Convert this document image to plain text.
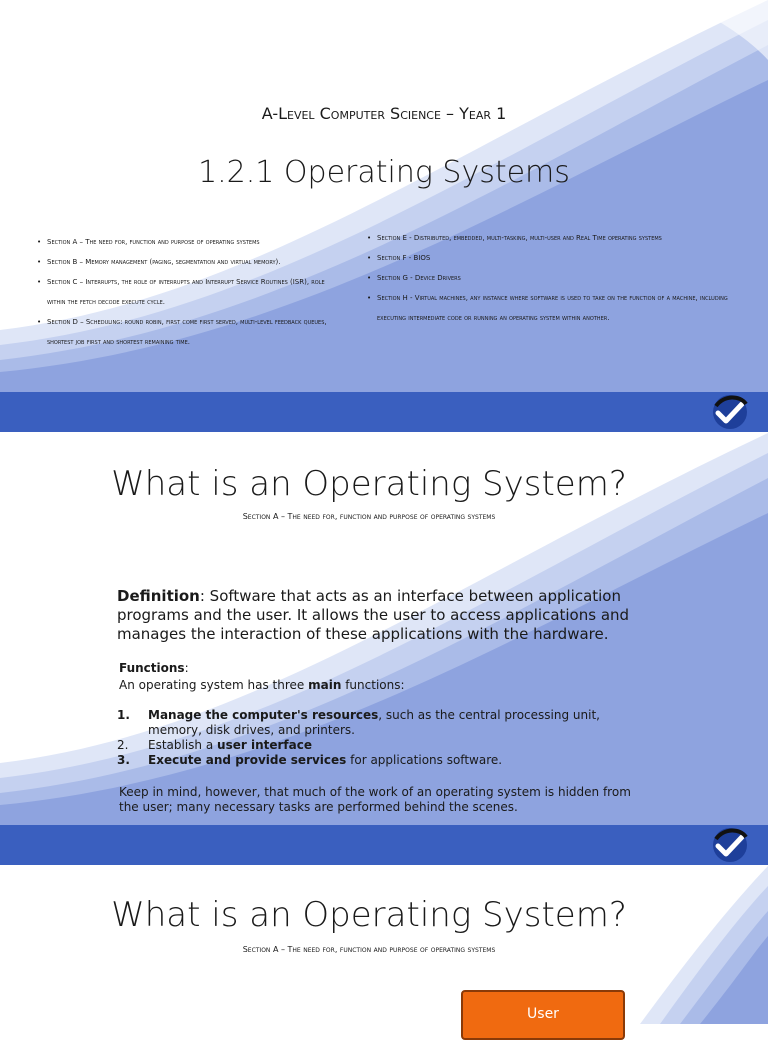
A-Level Computer Science – Year 1
1.2.1 Operating Systems
• Section A – The need for, function and purpose of operating systems
• Section B – Memory management (paging, segmentation and virtual memory).
• Section C – Interrupts, the role of interrupts and Interrupt Service Routines (ISR), role within the fetch decode execute cycle.
• Section D – Scheduling: round robin, first come first served, multi-level feedback queues, shortest job first and shortest remaining time.
• Section E - Distributed, embedded, multi-tasking, multi-user and Real Time operating systems
• Section F - BIOS
• Section G - Device Drivers
• Section H - Virtual machines, any instance where software is used to take on the function of a machine, including executing intermediate code or running an operating system within another.
What is an Operating System?
Section A – The need for, function and purpose of operating systems
Definition: Software that acts as an interface between application programs and the user. It allows the user to access applications and manages the interaction of these applications with the hardware.
Functions:
An operating system has three main functions:
1. Manage the computer's resources, such as the central processing unit, memory, disk drives, and printers.
2. Establish a user interface
3. Execute and provide services for applications software.
Keep in mind, however, that much of the work of an operating system is hidden from the user; many necessary tasks are performed behind the scenes.
What is an Operating System?
Section A – The need for, function and purpose of operating systems
User
